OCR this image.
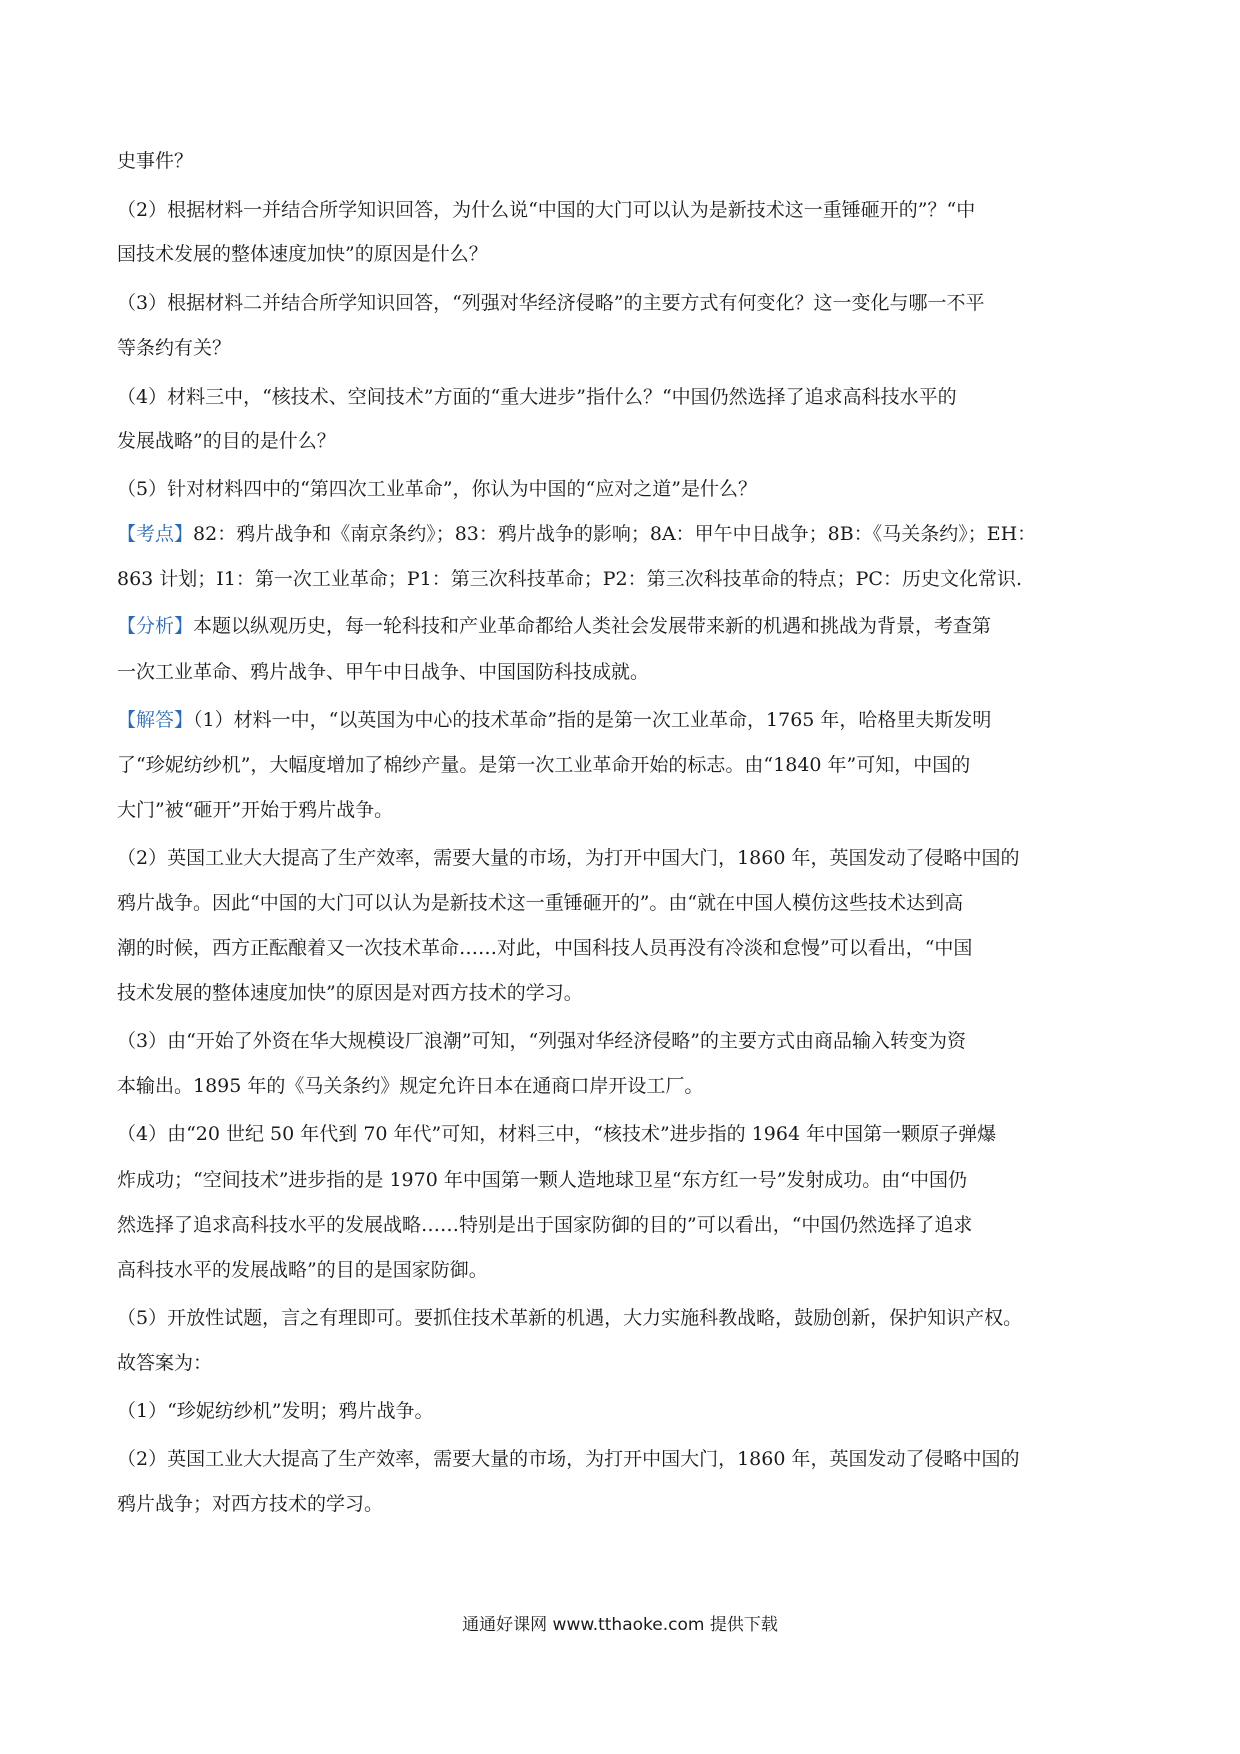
史事件？
（2）根据材料一并结合所学知识回答，为什么说“中国的大门可以认为是新技术这一重锤砸开的”？“中
国技术发展的整体速度加快”的原因是什么？
（3）根据材料二并结合所学知识回答，“列强对华经济侵略”的主要方式有何变化？这一变化与哪一不平
等条约有关？
（4）材料三中，“核技术、空间技术”方面的“重大进步”指什么？“中国仍然选择了追求高科技水平的
发展战略”的目的是什么？
（5）针对材料四中的“第四次工业革命”，你认为中国的“应对之道”是什么？
【考点】82：鸦片战争和《南京条约》；83：鸦片战争的影响；8A：甲午中日战争；8B：《马关条约》；EH：
863 计划；I1：第一次工业革命；P1：第三次科技革命；P2：第三次科技革命的特点；PC：历史文化常识.
【分析】本题以纵观历史，每一轮科技和产业革命都给人类社会发展带来新的机遇和挑战为背景，考查第
一次工业革命、鸦片战争、甲午中日战争、中国国防科技成就。
【解答】（1）材料一中，“以英国为中心的技术革命”指的是第一次工业革命，1765 年，哈格里夫斯发明
了“珍妮纺纱机”，大幅度增加了棉纱产量。是第一次工业革命开始的标志。由“1840 年”可知，中国的
大门”被“砸开”开始于鸦片战争。
（2）英国工业大大提高了生产效率，需要大量的市场，为打开中国大门，1860 年，英国发动了侵略中国的
鸦片战争。因此“中国的大门可以认为是新技术这一重锤砸开的”。由“就在中国人模仿这些技术达到高
潮的时候，西方正酝酿着又一次技术革命……对此，中国科技人员再没有冷淡和怠慢”可以看出，“中国
技术发展的整体速度加快”的原因是对西方技术的学习。
（3）由“开始了外资在华大规模设厂浪潮”可知，“列强对华经济侵略”的主要方式由商品输入转变为资
本输出。1895 年的《马关条约》规定允许日本在通商口岸开设工厂。
（4）由“20 世纪 50 年代到 70 年代”可知，材料三中，“核技术”进步指的 1964 年中国第一颗原子弹爆
炸成功；“空间技术”进步指的是 1970 年中国第一颗人造地球卫星“东方红一号”发射成功。由“中国仍
然选择了追求高科技水平的发展战略……特别是出于国家防御的目的”可以看出，“中国仍然选择了追求
高科技水平的发展战略”的目的是国家防御。
（5）开放性试题，言之有理即可。要抓住技术革新的机遇，大力实施科教战略，鼓励创新，保护知识产权。
故答案为：
（1）“珍妮纺纱机”发明；鸦片战争。
（2）英国工业大大提高了生产效率，需要大量的市场，为打开中国大门，1860 年，英国发动了侵略中国的
鸦片战争；对西方技术的学习。
通通好课网 www.tthaoke.com 提供下载
